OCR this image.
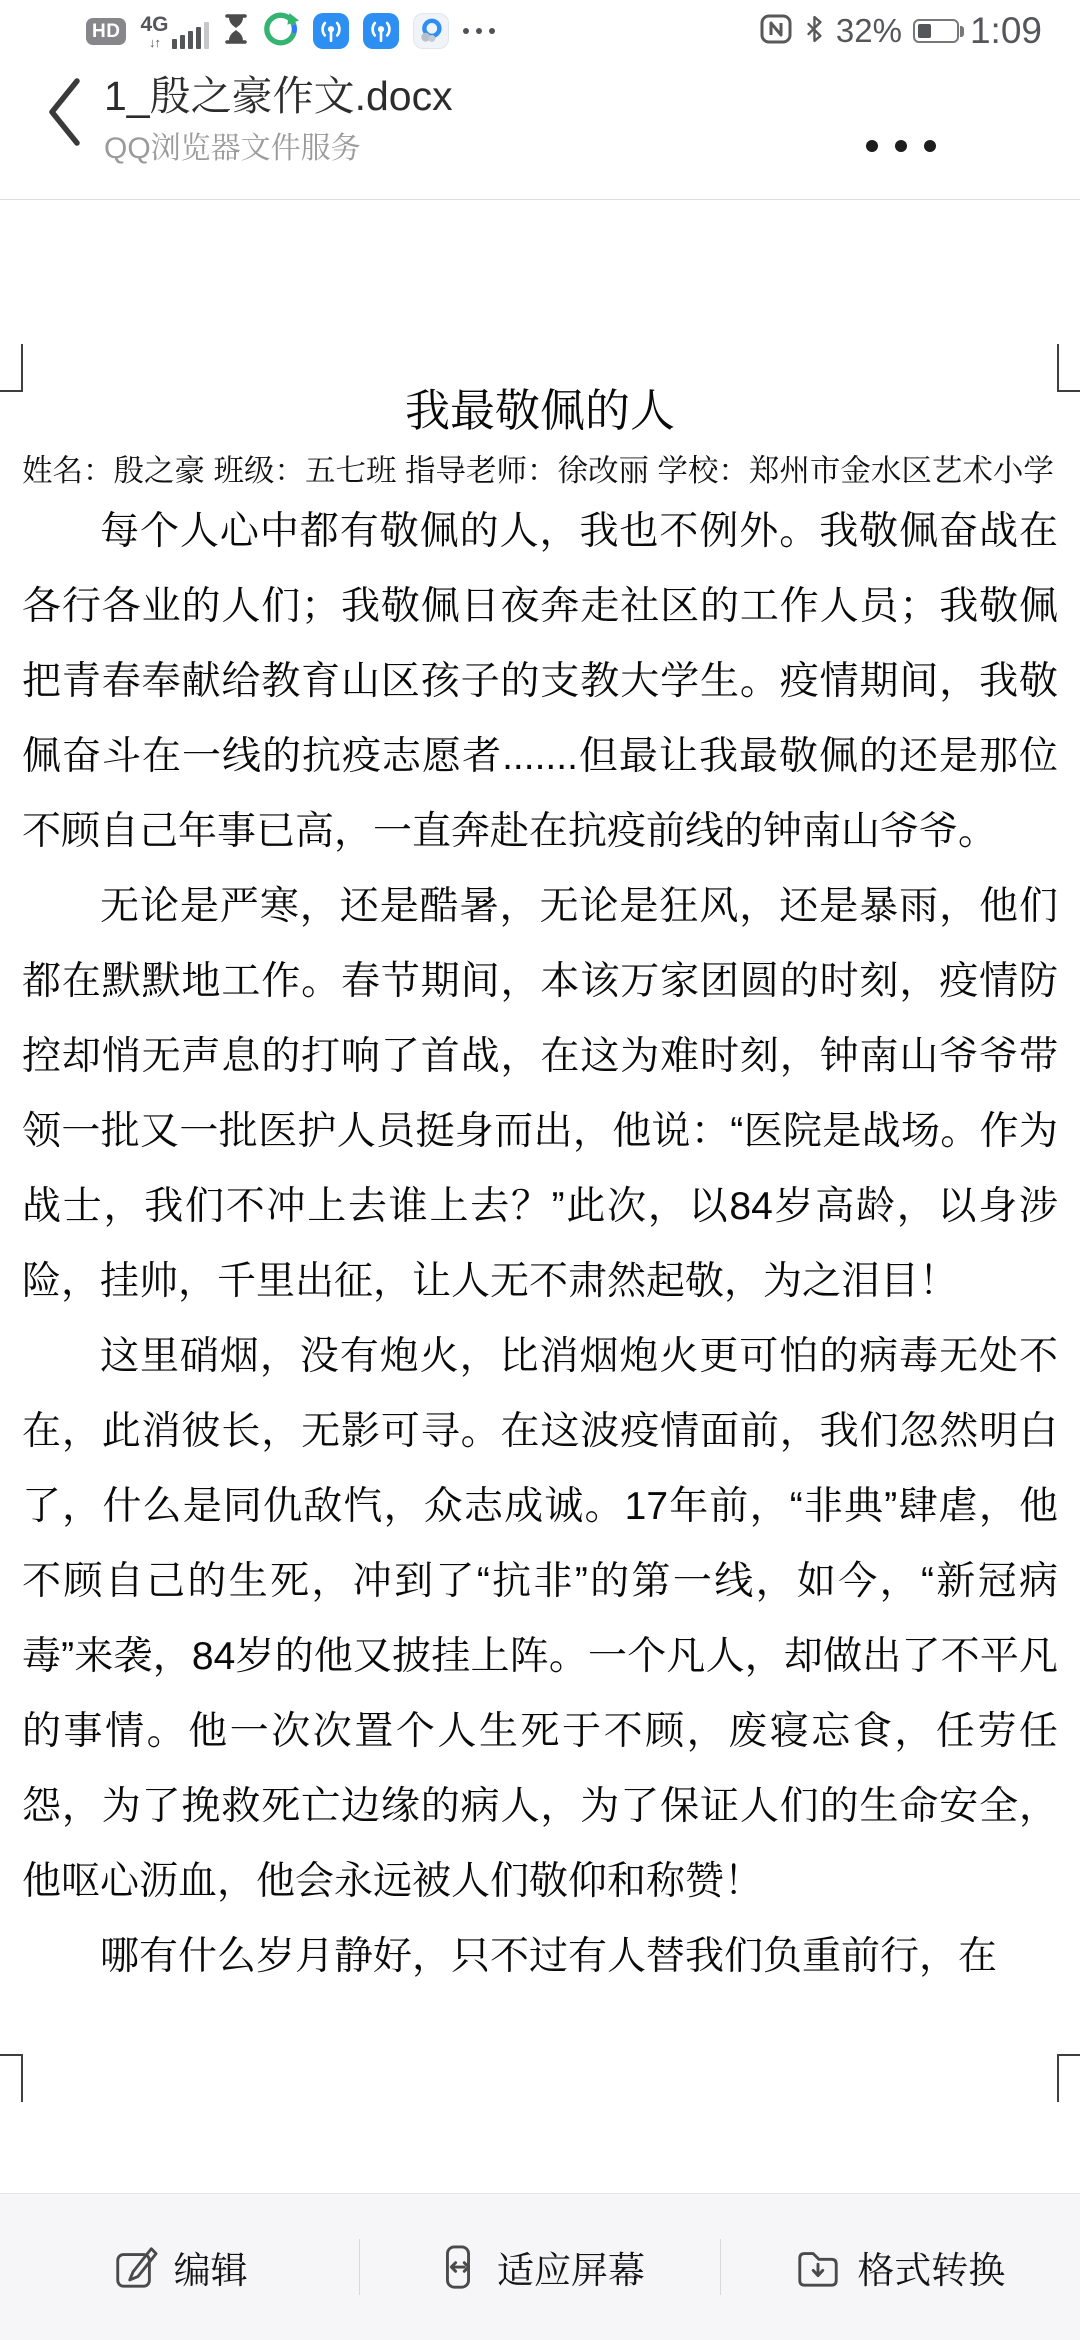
HD 4G
↓↑	32% 1:09
1_殷之豪作文.docx
QQ浏览器文件服务
我最敬佩的人

姓名：殷之豪 班级：五七班 指导老师：徐改丽 学校：郑州市金水区艺术小学

每个人心中都有敬佩的人，我也不例外。我敬佩奋战在各行各业的人们；我敬佩日夜奔走社区的工作人员；我敬佩把青春奉献给教育山区孩子的支教大学生。疫情期间，我敬佩奋斗在一线的抗疫志愿者.......但最让我最敬佩的还是那位不顾自己年事已高，一直奔赴在抗疫前线的钟南山爷爷。

无论是严寒，还是酷暑，无论是狂风，还是暴雨，他们都在默默地工作。春节期间，本该万家团圆的时刻，疫情防控却悄无声息的打响了首战，在这为难时刻，钟南山爷爷带领一批又一批医护人员挺身而出，他说：“医院是战场。作为战士，我们不冲上去谁上去？”此次，以84岁高龄，以身涉险，挂帅，千里出征，让人无不肃然起敬，为之泪目！

这里硝烟，没有炮火，比消烟炮火更可怕的病毒无处不在，此消彼长，无影可寻。在这波疫情面前，我们忽然明白了，什么是同仇敌忾，众志成诚。17年前，“非典”肆虐，他不顾自己的生死，冲到了“抗非”的第一线，如今，“新冠病毒”来袭，84岁的他又披挂上阵。一个凡人，却做出了不平凡的事情。他一次次置个人生死于不顾，废寝忘食，任劳任怨，为了挽救死亡边缘的病人，为了保证人们的生命安全，他呕心沥血，他会永远被人们敬仰和称赞！

哪有什么岁月静好，只不过有人替我们负重前行，在

编辑	适应屏幕	格式转换
